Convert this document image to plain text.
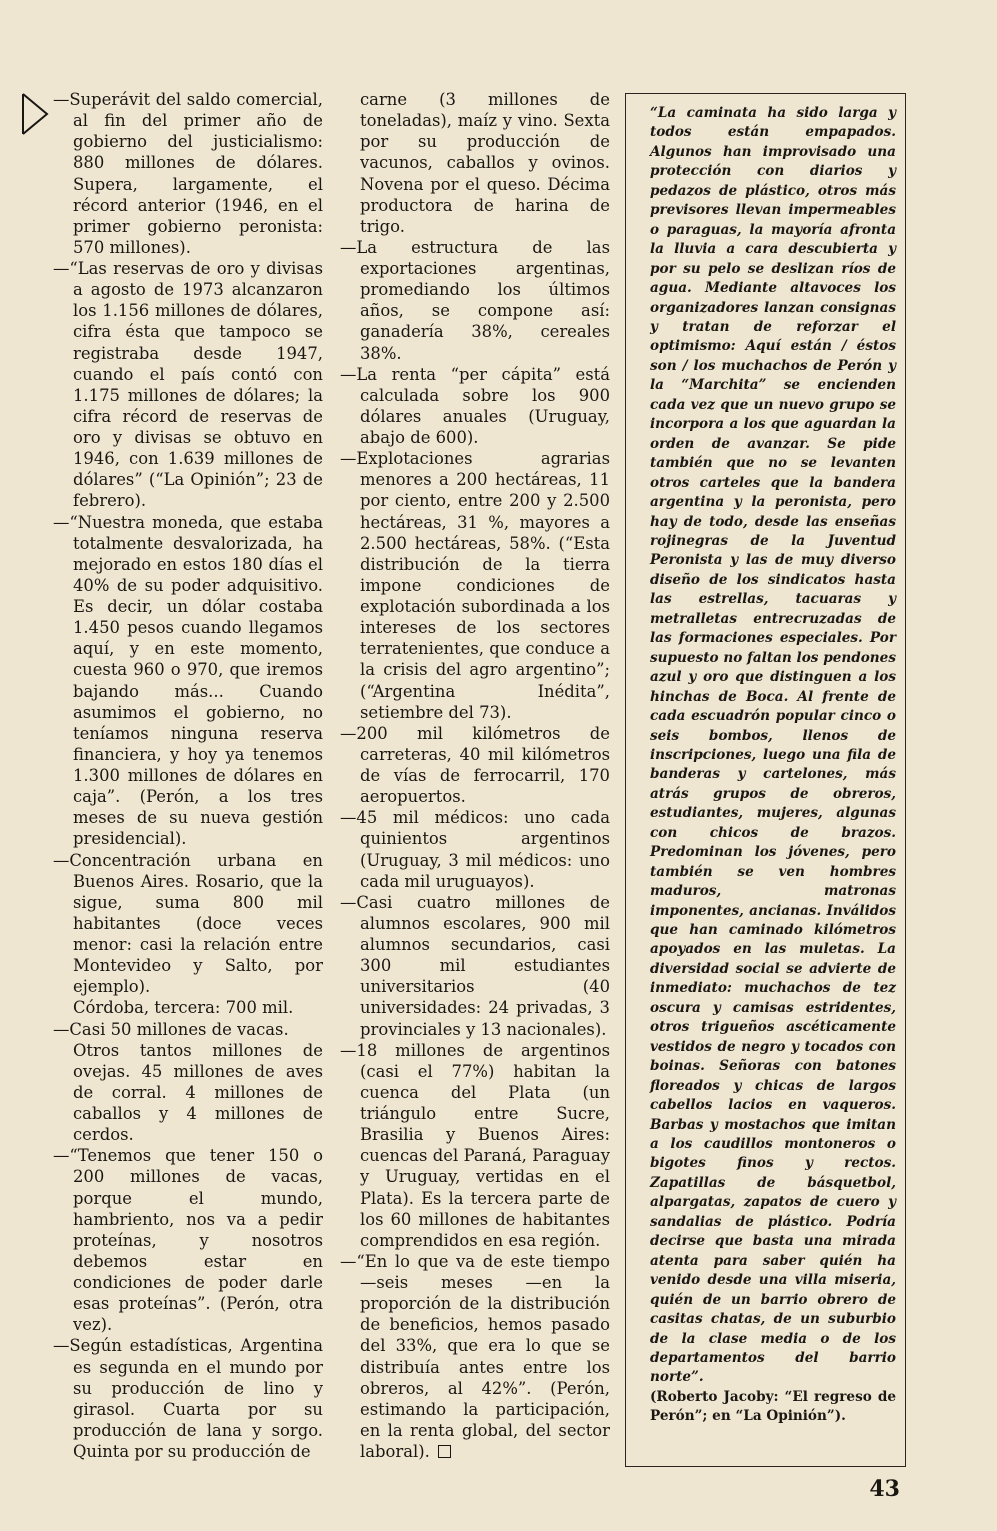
—Superávit del saldo comercial, al fin del primer año de gobierno del justicialismo: 880 millones de dólares. Supera, largamente, el récord anterior (1946, en el primer gobierno peronista: 570 millones).

—“Las reservas de oro y divisas a agosto de 1973 alcanzaron los 1.156 millones de dólares, cifra ésta que tampoco se registraba desde 1947, cuando el país contó con 1.175 millones de dólares; la cifra récord de reservas de oro y divisas se obtuvo en 1946, con 1.639 millones de dólares” (“La Opinión”; 23 de febrero).

—“Nuestra moneda, que estaba totalmente desvalorizada, ha mejorado en estos 180 días el 40% de su poder adquisitivo. Es decir, un dólar costaba 1.450 pesos cuando llegamos aquí, y en este momento, cuesta 960 o 970, que iremos bajando más... Cuando asumimos el gobierno, no teníamos ninguna reserva financiera, y hoy ya tenemos 1.300 millones de dólares en caja”. (Perón, a los tres meses de su nueva gestión presidencial).

—Concentración urbana en Buenos Aires. Rosario, que la sigue, suma 800 mil habitantes (doce veces menor: casi la relación entre Montevideo y Salto, por ejemplo).

Córdoba, tercera: 700 mil.

—Casi 50 millones de vacas.

Otros tantos millones de ovejas. 45 millones de aves de corral. 4 millones de caballos y 4 millones de cerdos.

—“Tenemos que tener 150 o 200 millones de vacas, porque el mundo, hambriento, nos va a pedir proteínas, y nosotros debemos estar en condiciones de poder darle esas proteínas”. (Perón, otra vez).

—Según estadísticas, Argentina es segunda en el mundo por su producción de lino y girasol. Cuarta por su producción de lana y sorgo. Quinta por su producción de

carne (3 millones de toneladas), maíz y vino. Sexta por su producción de vacunos, caballos y ovinos. Novena por el queso. Décima productora de harina de trigo.

—La estructura de las exportaciones argentinas, promediando los últimos años, se compone así: ganadería 38%, cereales 38%.

—La renta “per cápita” está calculada sobre los 900 dólares anuales (Uruguay, abajo de 600).

—Explotaciones agrarias menores a 200 hectáreas, 11 por ciento, entre 200 y 2.500 hectáreas, 31 %, mayores a 2.500 hectáreas, 58%. (“Esta distribución de la tierra impone condiciones de explotación subordinada a los intereses de los sectores terratenientes, que conduce a la crisis del agro argentino”; (“Argentina Inédita”, setiembre del 73).

—200 mil kilómetros de carreteras, 40 mil kilómetros de vías de ferrocarril, 170 aeropuertos.

—45 mil médicos: uno cada quinientos argentinos (Uruguay, 3 mil médicos: uno cada mil uruguayos).

—Casi cuatro millones de alumnos escolares, 900 mil alumnos secundarios, casi 300 mil estudiantes universitarios (40 universidades: 24 privadas, 3 provinciales y 13 nacionales).

—18 millones de argentinos (casi el 77%) habitan la cuenca del Plata (un triángulo entre Sucre, Brasilia y Buenos Aires: cuencas del Paraná, Paraguay y Uruguay, vertidas en el Plata). Es la tercera parte de los 60 millones de habitantes comprendidos en esa región.

—“En lo que va de este tiempo —seis meses —en la proporción de la distribución de beneficios, hemos pasado del 33%, que era lo que se distribuía antes entre los obreros, al 42%”. (Perón, estimando la participación, en la renta global, del sector laboral).

“La caminata ha sido larga y todos están empapados. Algunos han improvisado una protección con diarios y pedazos de plástico, otros más previsores llevan impermeables o paraguas, la mayoría afronta la lluvia a cara descubierta y por su pelo se deslizan ríos de agua. Mediante altavoces los organizadores lanzan consignas y tratan de reforzar el optimismo: Aquí están / éstos son / los muchachos de Perón y la “Marchita” se encienden cada vez que un nuevo grupo se incorpora a los que aguardan la orden de avanzar. Se pide también que no se levanten otros carteles que la bandera argentina y la peronista, pero hay de todo, desde las enseñas rojinegras de la Juventud Peronista y las de muy diverso diseño de los sindicatos hasta las estrellas, tacuaras y metralletas entrecruzadas de las formaciones especiales. Por supuesto no faltan los pendones azul y oro que distinguen a los hinchas de Boca. Al frente de cada escuadrón popular cinco o seis bombos, llenos de inscripciones, luego una fila de banderas y cartelones, más atrás grupos de obreros, estudiantes, mujeres, algunas con chicos de brazos. Predominan los jóvenes, pero también se ven hombres maduros, matronas imponentes, ancianas. Inválidos que han caminado kilómetros apoyados en las muletas. La diversidad social se advierte de inmediato: muchachos de tez oscura y camisas estridentes, otros trigueños ascéticamente vestidos de negro y tocados con boinas. Señoras con batones floreados y chicas de largos cabellos lacios en vaqueros. Barbas y mostachos que imitan a los caudillos montoneros o bigotes finos y rectos. Zapatillas de básquetbol, alpargatas, zapatos de cuero y sandalias de plástico. Podría decirse que basta una mirada atenta para saber quién ha venido desde una villa miseria, quién de un barrio obrero de casitas chatas, de un suburbio de la clase media o de los departamentos del barrio norte”.

(Roberto Jacoby: “El regreso de Perón”; en “La Opinión”).

43
